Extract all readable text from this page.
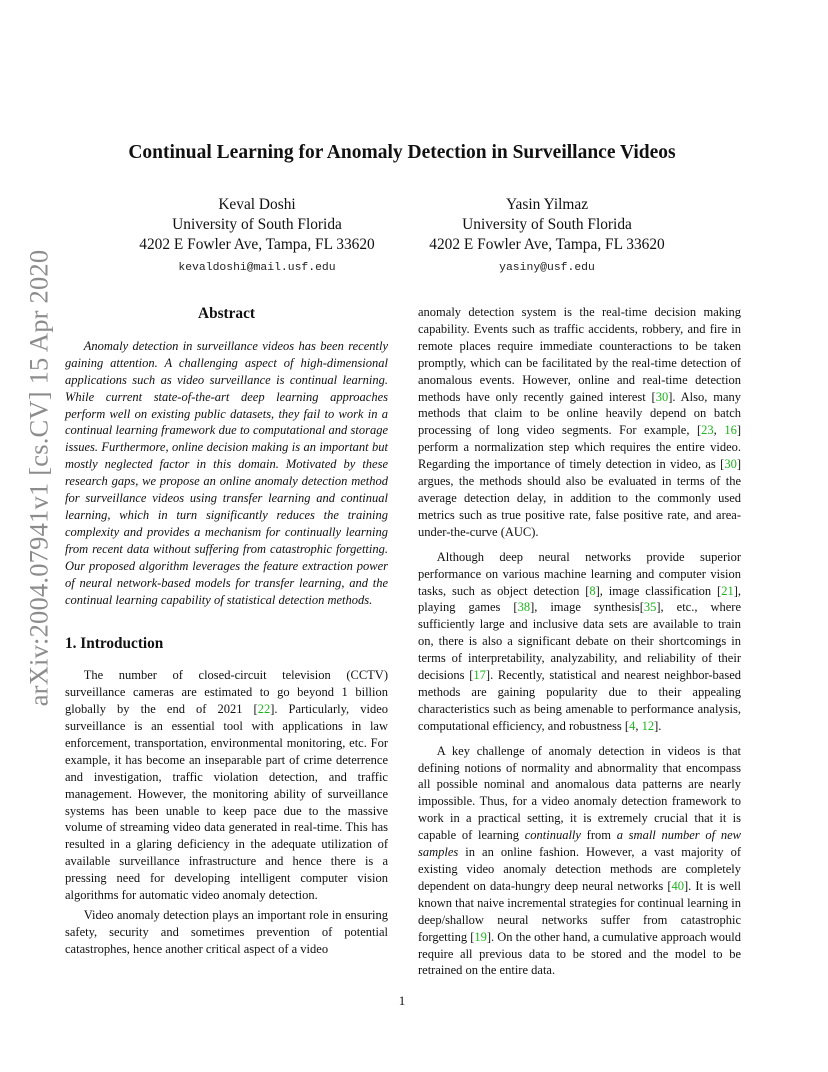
arXiv:2004.07941v1 [cs.CV] 15 Apr 2020
Continual Learning for Anomaly Detection in Surveillance Videos
Keval Doshi
University of South Florida
4202 E Fowler Ave, Tampa, FL 33620
kevaldoshi@mail.usf.edu
Yasin Yilmaz
University of South Florida
4202 E Fowler Ave, Tampa, FL 33620
yasiny@usf.edu
Abstract

Anomaly detection in surveillance videos has been recently gaining attention. A challenging aspect of high-dimensional applications such as video surveillance is continual learning. While current state-of-the-art deep learning approaches perform well on existing public datasets, they fail to work in a continual learning framework due to computational and storage issues. Furthermore, online decision making is an important but mostly neglected factor in this domain. Motivated by these research gaps, we propose an online anomaly detection method for surveillance videos using transfer learning and continual learning, which in turn significantly reduces the training complexity and provides a mechanism for continually learning from recent data without suffering from catastrophic forgetting. Our proposed algorithm leverages the feature extraction power of neural network-based models for transfer learning, and the continual learning capability of statistical detection methods.

1. Introduction

The number of closed-circuit television (CCTV) surveillance cameras are estimated to go beyond 1 billion globally by the end of 2021 [22]. Particularly, video surveillance is an essential tool with applications in law enforcement, transportation, environmental monitoring, etc. For example, it has become an inseparable part of crime deterrence and investigation, traffic violation detection, and traffic management. However, the monitoring ability of surveillance systems has been unable to keep pace due to the massive volume of streaming video data generated in real-time. This has resulted in a glaring deficiency in the adequate utilization of available surveillance infrastructure and hence there is a pressing need for developing intelligent computer vision algorithms for automatic video anomaly detection.

Video anomaly detection plays an important role in ensuring safety, security and sometimes prevention of potential catastrophes, hence another critical aspect of a video

anomaly detection system is the real-time decision making capability. Events such as traffic accidents, robbery, and fire in remote places require immediate counteractions to be taken promptly, which can be facilitated by the real-time detection of anomalous events. However, online and real-time detection methods have only recently gained interest [30]. Also, many methods that claim to be online heavily depend on batch processing of long video segments. For example, [23, 16] perform a normalization step which requires the entire video. Regarding the importance of timely detection in video, as [30] argues, the methods should also be evaluated in terms of the average detection delay, in addition to the commonly used metrics such as true positive rate, false positive rate, and area-under-the-curve (AUC).

Although deep neural networks provide superior performance on various machine learning and computer vision tasks, such as object detection [8], image classification [21], playing games [38], image synthesis[35], etc., where sufficiently large and inclusive data sets are available to train on, there is also a significant debate on their shortcomings in terms of interpretability, analyzability, and reliability of their decisions [17]. Recently, statistical and nearest neighbor-based methods are gaining popularity due to their appealing characteristics such as being amenable to performance analysis, computational efficiency, and robustness [4, 12].

A key challenge of anomaly detection in videos is that defining notions of normality and abnormality that encompass all possible nominal and anomalous data patterns are nearly impossible. Thus, for a video anomaly detection framework to work in a practical setting, it is extremely crucial that it is capable of learning continually from a small number of new samples in an online fashion. However, a vast majority of existing video anomaly detection methods are completely dependent on data-hungry deep neural networks [40]. It is well known that naive incremental strategies for continual learning in deep/shallow neural networks suffer from catastrophic forgetting [19]. On the other hand, a cumulative approach would require all previous data to be stored and the model to be retrained on the entire data.

1
